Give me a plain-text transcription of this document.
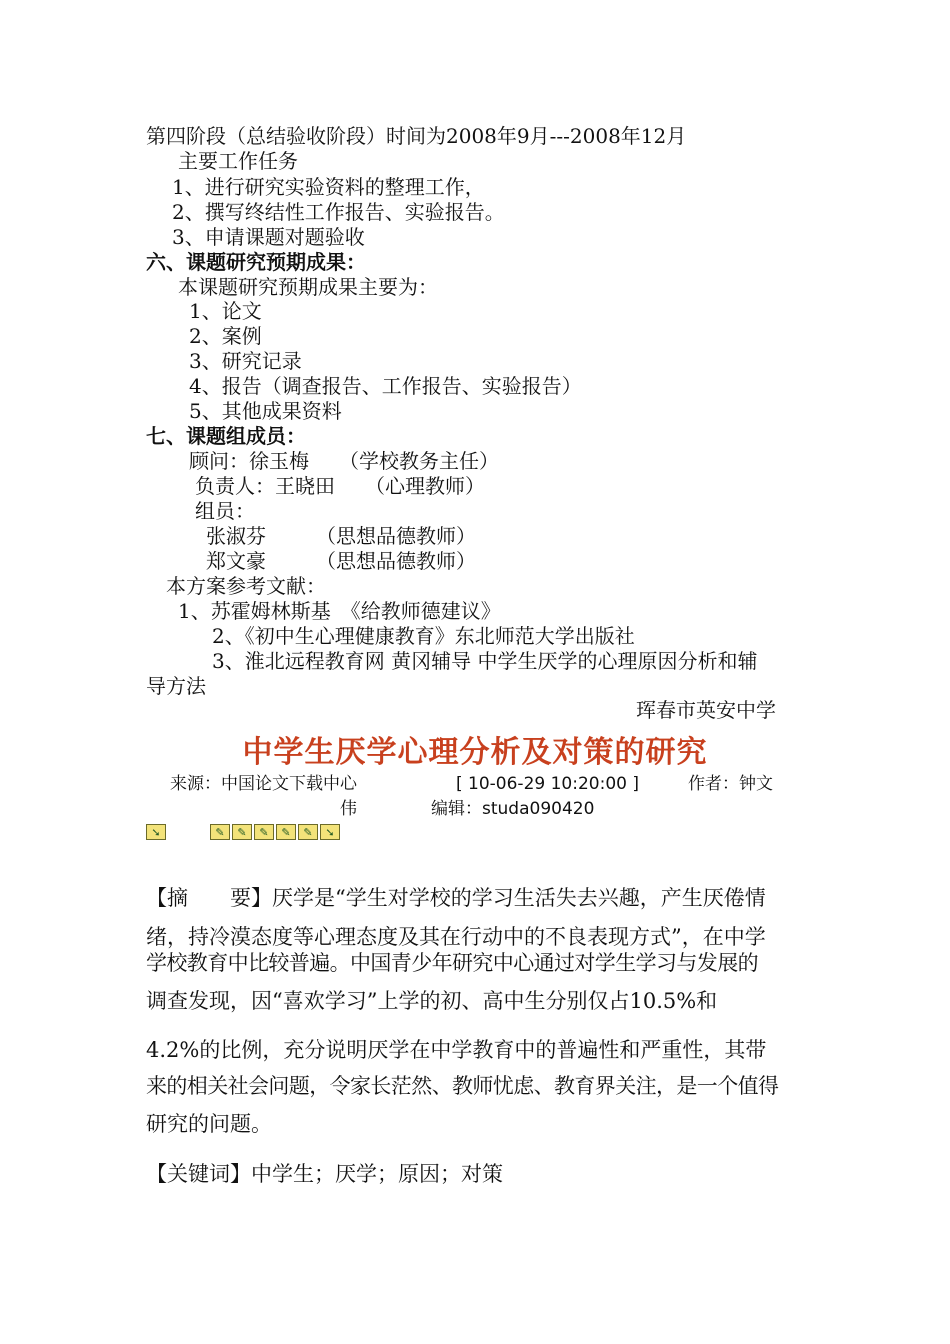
第四阶段（总结验收阶段）时间为2008年9月---2008年12月
主要工作任务
1、进行研究实验资料的整理工作，
2、撰写终结性工作报告、实验报告。
3、申请课题对题验收
六、课题研究预期成果：
本课题研究预期成果主要为：
1、论文
2、案例
3、研究记录
4、报告（调查报告、工作报告、实验报告）
5、其他成果资料
七、课题组成员：
顾问：徐玉梅　　（学校教务主任）
负责人：王晓田　　（心理教师）
组员：
张淑芬　　　（思想品德教师）
郑文豪　　　（思想品德教师）
本方案参考文献：
1、苏霍姆林斯基　《给教师德建议》
2、《初中生心理健康教育》东北师范大学出版社
3、淮北远程教育网 黄冈辅导 中学生厌学的心理原因分析和辅
导方法
珲春市英安中学
中学生厌学心理分析及对策的研究
来源：中国论文下载中心	[ 10-06-29 10:20:00 ]	作者：钟文
伟	编辑：studa090420
➘	✎	✎	✎	✎	✎	➘
【摘　　要】厌学是“学生对学校的学习生活失去兴趣，产生厌倦情
绪，持冷漠态度等心理态度及其在行动中的不良表现方式”，在中学
学校教育中比较普遍。中国青少年研究中心通过对学生学习与发展的
调查发现，因“喜欢学习”上学的初、高中生分别仅占10.5%和
4.2%的比例，充分说明厌学在中学教育中的普遍性和严重性，其带
来的相关社会问题，令家长茫然、教师忧虑、教育界关注，是一个值得
研究的问题。
【关键词】中学生；厌学；原因；对策
